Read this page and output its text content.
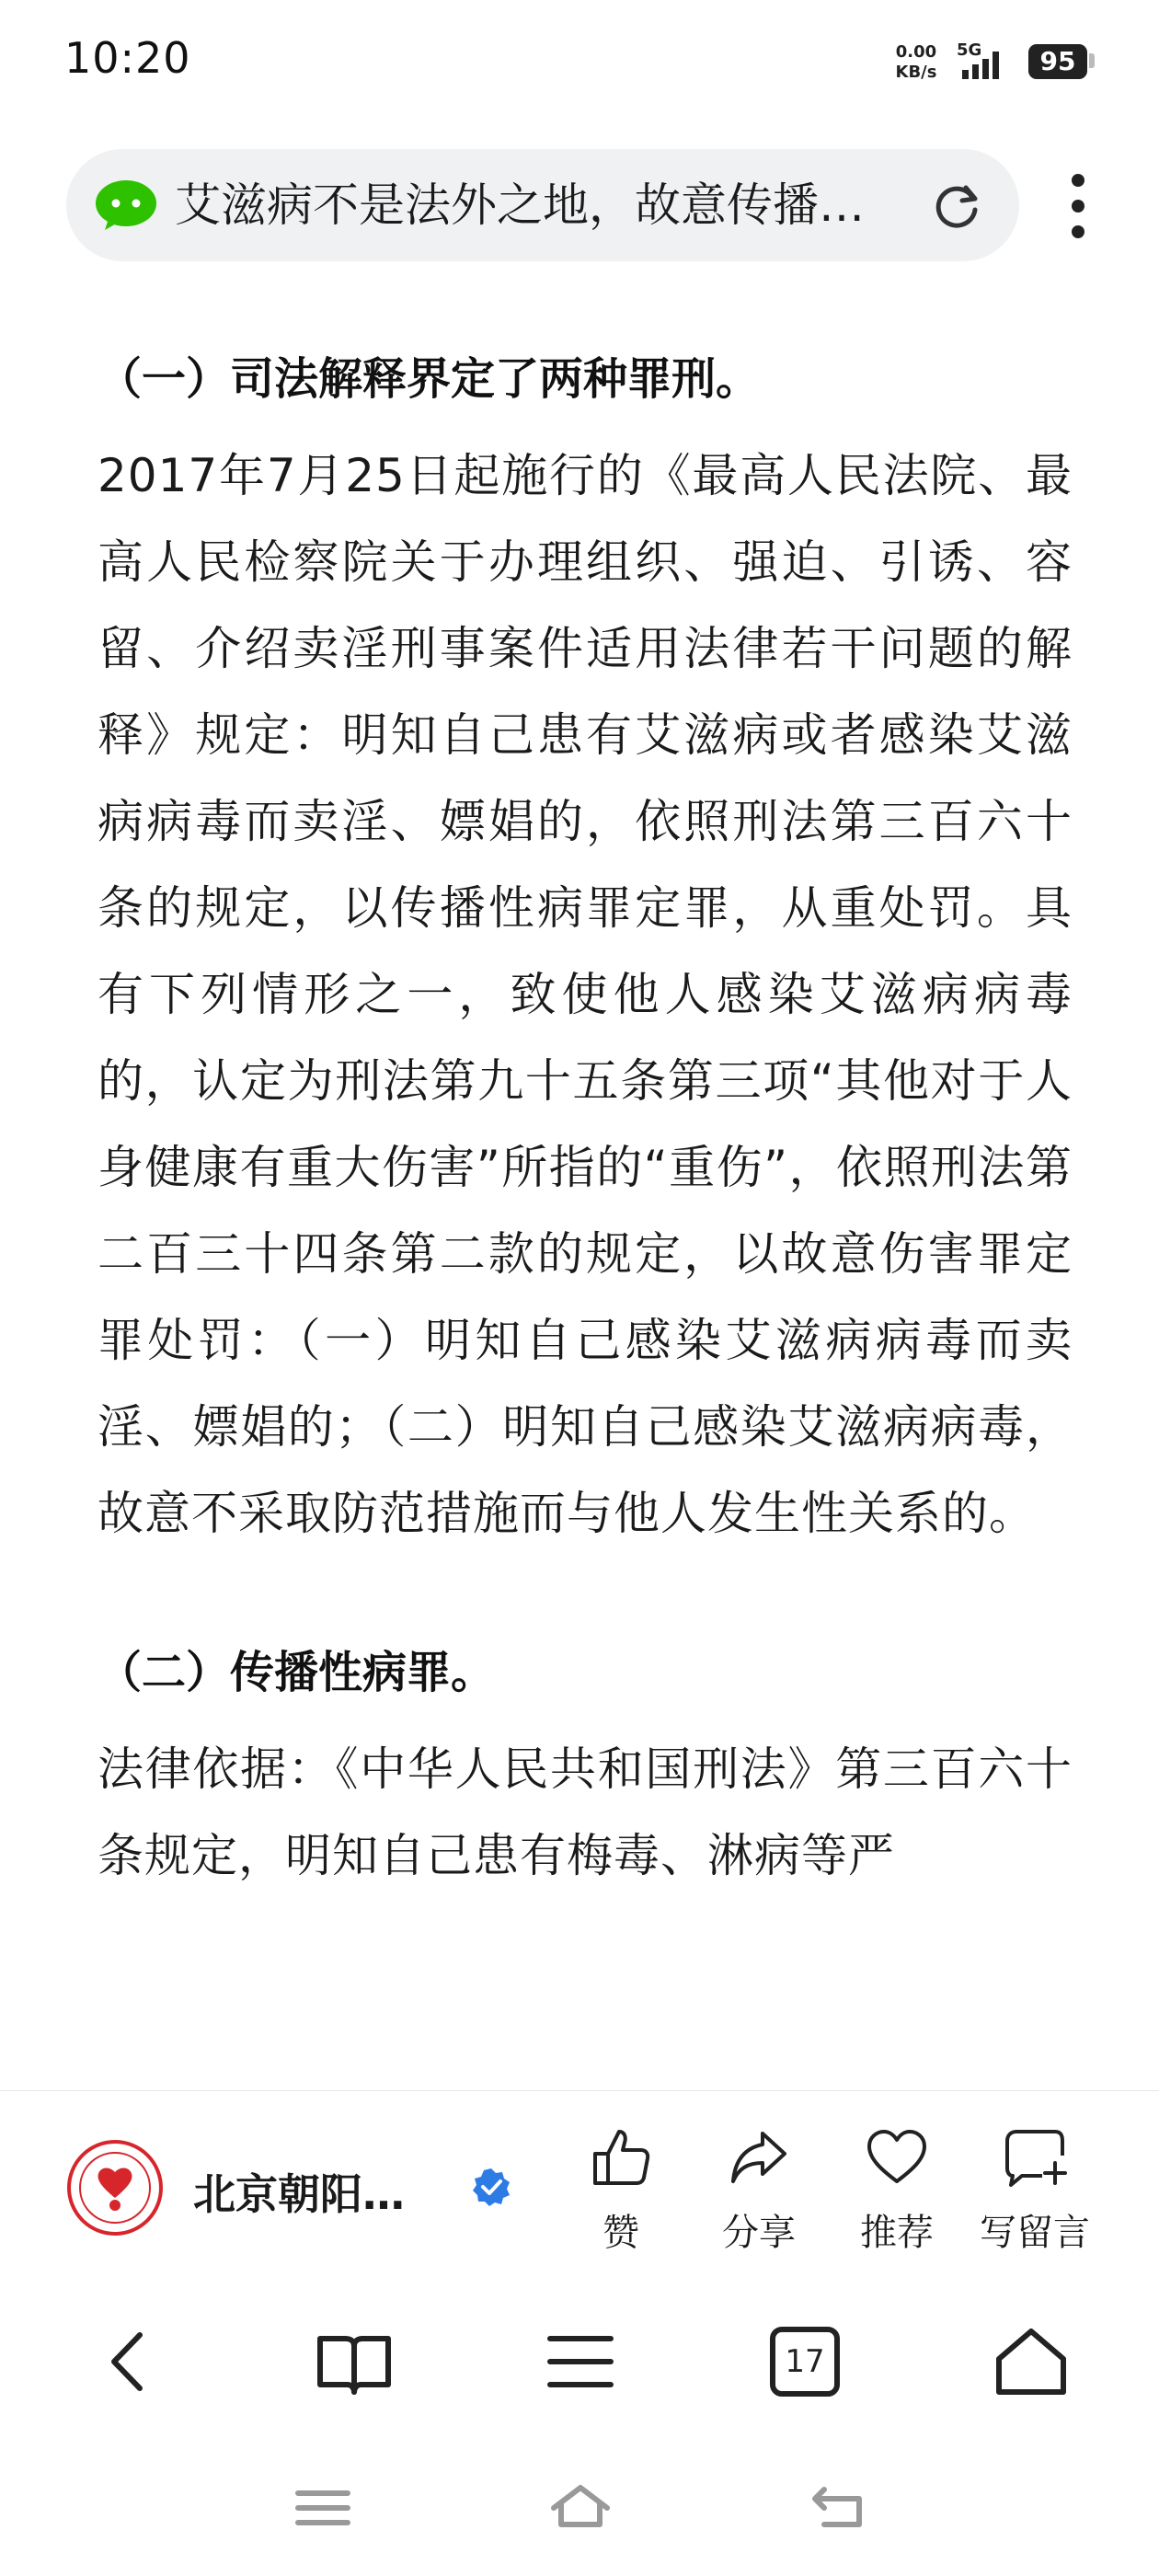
10:20	0.00
KB/s
5G	95
艾滋病不是法外之地，故意传播…

（一）司法解释界定了两种罪刑。

2017年7月25日起施行的《最高人民法院、最高人民检察院关于办理组织、强迫、引诱、容留、介绍卖淫刑事案件适用法律若干问题的解释》规定：明知自己患有艾滋病或者感染艾滋病病毒而卖淫、嫖娼的，依照刑法第三百六十条的规定，以传播性病罪定罪，从重处罚。具有下列情形之一，致使他人感染艾滋病病毒的，认定为刑法第九十五条第三项“其他对于人身健康有重大伤害”所指的“重伤”，依照刑法第二百三十四条第二款的规定，以故意伤害罪定罪处罚：（一）明知自己感染艾滋病病毒而卖淫、嫖娼的；（二）明知自己感染艾滋病病毒，故意不采取防范措施而与他人发生性关系的。

（二）传播性病罪。

法律依据：《中华人民共和国刑法》第三百六十条规定，明知自己患有梅毒、淋病等严

北京朝阳…
赞	分享	推荐	写留言
17
